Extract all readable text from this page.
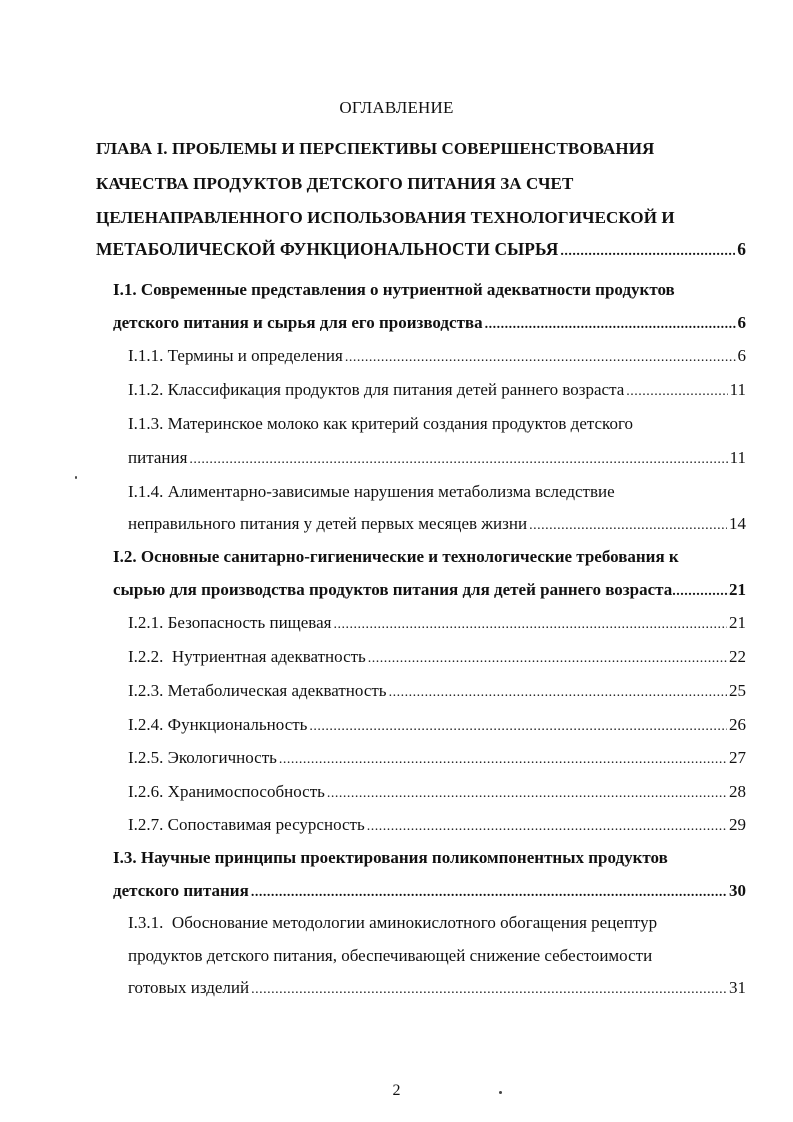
ОГЛАВЛЕНИЕ
ГЛАВА I. ПРОБЛЕМЫ И ПЕРСПЕКТИВЫ СОВЕРШЕНСТВОВАНИЯ
КАЧЕСТВА ПРОДУКТОВ ДЕТСКОГО ПИТАНИЯ ЗА СЧЕТ
ЦЕЛЕНАПРАВЛЕННОГО ИСПОЛЬЗОВАНИЯ ТЕХНОЛОГИЧЕСКОЙ И
МЕТАБОЛИЧЕСКОЙ ФУНКЦИОНАЛЬНОСТИ СЫРЬЯ .....	6
I.1. Современные представления о нутриентной адекватности продуктов
детского питания и сырья для его производства .....	6
I.1.1. Термины и определения .....	6
I.1.2. Классификация продуктов для питания детей раннего возраста .....	11
I.1.3. Материнское молоко как критерий создания продуктов детского
питания .....	11
I.1.4. Алиментарно-зависимые нарушения метаболизма вследствие
неправильного питания у детей первых месяцев жизни .....	14
I.2. Основные санитарно-гигиенические и технологические требования к
сырью для производства продуктов питания для детей раннего возраста .....	21
I.2.1. Безопасность пищевая .....	21
I.2.2.  Нутриентная адекватность .....	22
I.2.3. Метаболическая адекватность .....	25
I.2.4. Функциональность .....	26
I.2.5. Экологичность .....	27
I.2.6. Хранимоспособность .....	28
I.2.7. Сопоставимая ресурсность .....	29
I.3. Научные принципы проектирования поликомпонентных продуктов
детского питания .....	30
I.3.1.  Обоснование методологии аминокислотного обогащения рецептур
продуктов детского питания, обеспечивающей снижение себестоимости
готовых изделий .....	31
2
